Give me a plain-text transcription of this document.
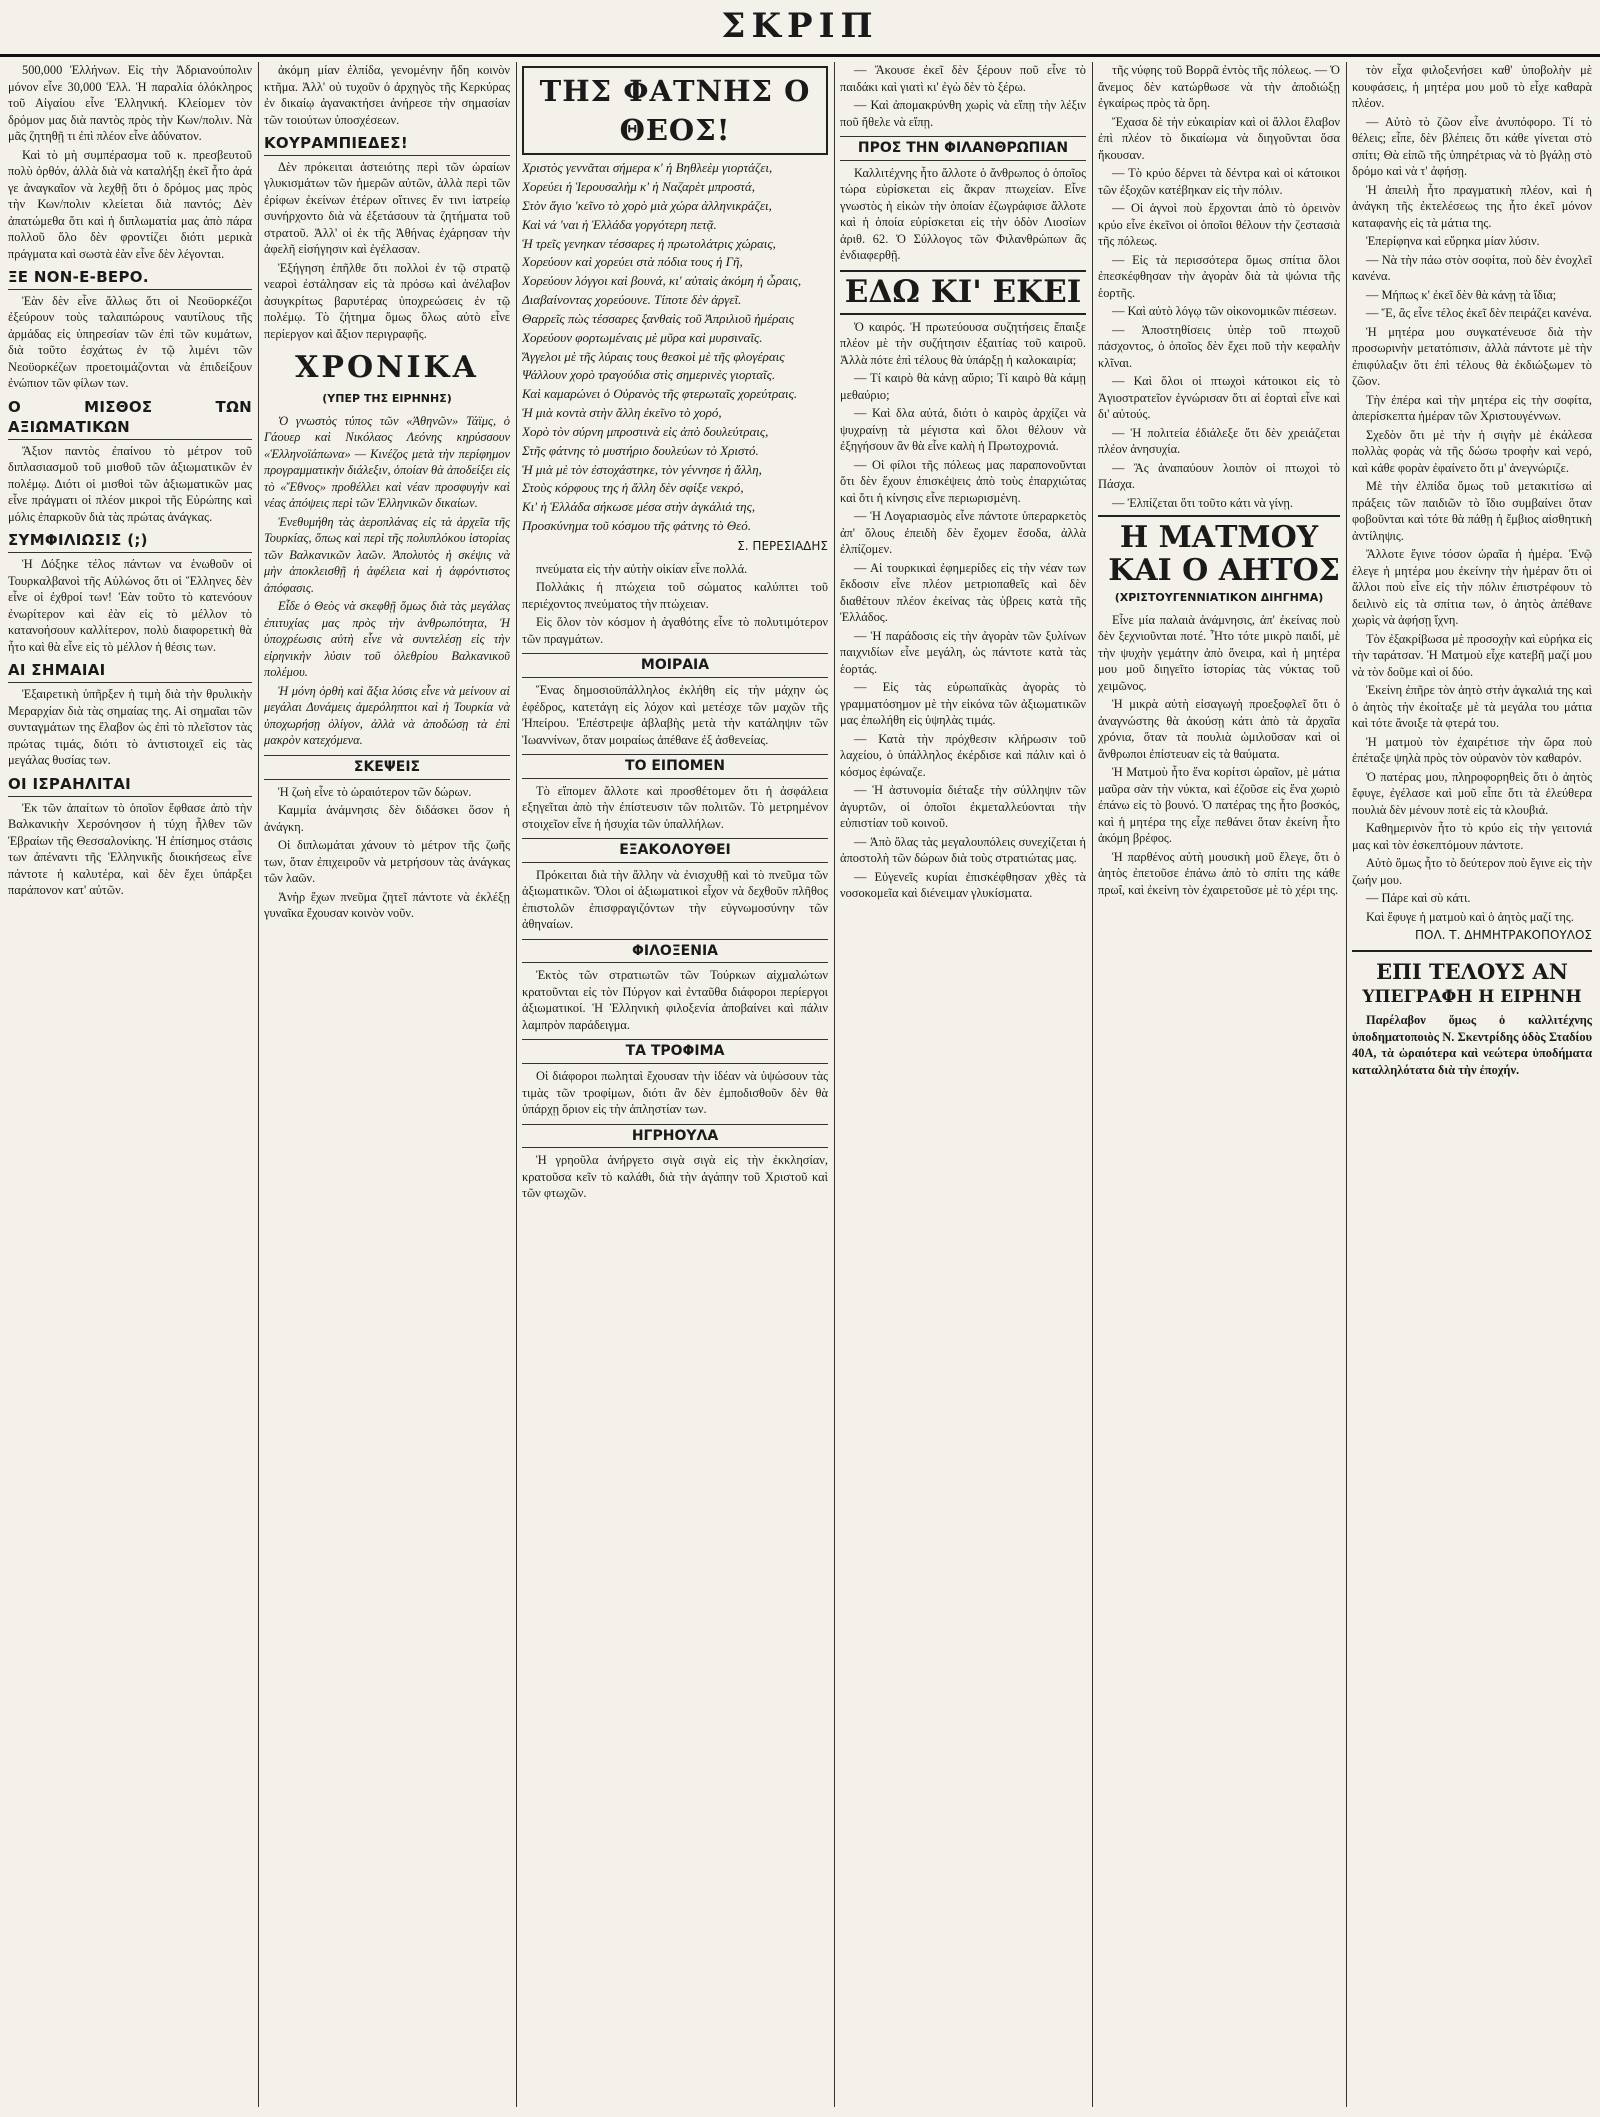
ΣΚΡΙΠ

500,000 Ἑλλήνων. Εἰς τὴν Ἀδριανούπολιν μόνον εἶνε 30,000 Ἑλλ. Ἡ παραλία ὁλόκληρος τοῦ Αἰγαίου εἶνε Ἑλληνική. Κλείομεν τὸν δρόμον μας διὰ παντὸς πρὸς τὴν Κων/πολιν. Νὰ μᾶς ζητηθῇ τι ἐπὶ πλέον εἶνε ἀδύνατον.

Καὶ τὸ μὴ συμπέρασμα τοῦ κ. πρεσβευτοῦ πολὺ ὀρθόν, ἀλλὰ διὰ νὰ καταλήξῃ ἐκεῖ ἦτο ἀρά γε ἀναγκαῖον νὰ λεχθῇ ὅτι ὁ δρόμος μας πρὸς τὴν Κων/πολιν κλείεται διὰ παντός; Δὲν ἀπατώμεθα ὅτι καὶ ἡ διπλωματία μας ἀπὸ πάρα πολλοῦ ὅλο δὲν φροντίζει διότι μερικὰ πράγματα καὶ σωστὰ ἐὰν εἶνε δὲν λέγονται.

ΞΕ ΝΟΝ-Ε-ΒΕΡΟ.

Ἐὰν δὲν εἶνε ἄλλως ὅτι οἱ Νεοϋορκέζοι ἐξεύρουν τοὺς ταλαιπώρους ναυτίλους τῆς ἀρμάδας εἰς ὑπηρεσίαν τῶν ἐπὶ τῶν κυμάτων, διὰ τοῦτο ἐσχάτως ἐν τῷ λιμένι τῶν Νεοϋορκέζων προετοιμάζονται νὰ ἐπιδείξουν ἐνώπιον τῶν φίλων των.

Ο ΜΙΣΘΟΣ ΤΩΝ ΑΞΙΩΜΑΤΙΚΩΝ

Ἄξιον παντὸς ἐπαίνου τὸ μέτρον τοῦ διπλασιασμοῦ τοῦ μισθοῦ τῶν ἀξιωματικῶν ἐν πολέμῳ. Διότι οἱ μισθοὶ τῶν ἀξιωματικῶν μας εἶνε πράγματι οἱ πλέον μικροὶ τῆς Εὐρώπης καὶ μόλις ἐπαρκοῦν διὰ τὰς πρώτας ἀνάγκας.

ΣΥΜΦΙΛΙΩΣΙΣ (;)

Ἡ Δόξηκε τέλος πάντων να ἑνωθοῦν οἱ Τουρκαλβανοὶ τῆς Αὐλώνος ὅτι οἱ Ἕλληνες δὲν εἶνε οἱ ἐχθροί των! Ἐὰν τοῦτο τὸ κατενόουν ἐνωρίτερον καὶ ἐὰν εἰς τὸ μέλλον τὸ κατανοήσουν καλλίτερον, πολὺ διαφορετικὴ θὰ ἦτο καὶ θὰ εἶνε εἰς τὸ μέλλον ἡ θέσις των.

ΑΙ ΣΗΜΑΙΑΙ

Ἐξαιρετικὴ ὑπῆρξεν ἡ τιμὴ διὰ τὴν θρυλικὴν Μεραρχίαν διὰ τὰς σημαίας της. Αἱ σημαῖαι τῶν συνταγμάτων της ἔλαβον ὡς ἐπὶ τὸ πλεῖστον τὰς πρώτας τιμάς, διότι τὸ ἀντιστοιχεῖ εἰς τὰς μεγάλας θυσίας των.

ΟΙ ΙΣΡΑΗΛΙΤΑΙ

Ἐκ τῶν ἀπαίτων τὸ ὁποῖον ἔφθασε ἀπὸ τὴν Βαλκανικὴν Χερσόνησον ἡ τύχη ἦλθεν τῶν Ἑβραίων τῆς Θεσσαλονίκης. Ἡ ἐπίσημος στάσις των ἀπέναντι τῆς Ἑλληνικῆς διοικήσεως εἶνε πάντοτε ἡ καλυτέρα, καὶ δὲν ἔχει ὑπάρξει παράπονον κατ' αὐτῶν.

ἀκόμη μίαν ἐλπίδα, γενομένην ἤδη κοινὸν κτῆμα. Ἀλλ' οὐ τυχοῦν ὁ ἀρχηγὸς τῆς Κερκύρας ἐν δικαίῳ ἀγανακτήσει ἀνήρεσε τὴν σημασίαν τῶν τοιούτων ὑποσχέσεων.

ΚΟΥΡΑΜΠΙΕΔΕΣ!

Δὲν πρόκειται ἀστειότης περὶ τῶν ὡραίων γλυκισμάτων τῶν ἡμερῶν αὐτῶν, ἀλλὰ περὶ τῶν ἐρίφων ἐκείνων ἐτέρων οἵτινες ἔν τινι ἰατρείῳ συνήρχοντο διὰ νὰ ἐξετάσουν τὰ ζητήματα τοῦ στρατοῦ. Ἀλλ' οἱ ἐκ τῆς Ἀθήνας ἐχάρησαν τὴν ἀφελῆ εἰσήγησιν καὶ ἐγέλασαν.

Ἐξήγηση ἐπῆλθε ὅτι πολλοὶ ἐν τῷ στρατῷ νεαροὶ ἐστάλησαν εἰς τὰ πρόσω καὶ ἀνέλαβον ἀσυγκρίτως βαρυτέρας ὑποχρεώσεις ἐν τῷ πολέμῳ. Τὸ ζήτημα ὅμως ὅλως αὐτὸ εἶνε περίεργον καὶ ἄξιον περιγραφῆς.

ΧΡΟΝΙΚΑ
(ΥΠΕΡ ΤΗΣ ΕΙΡΗΝΗΣ)

Ὁ γνωστὸς τύπος τῶν «Ἀθηνῶν» Τάϊμς, ὁ Γάουερ καὶ Νικόλαος Λεόνης κηρύσσουν «Ἑλληνοϊάπωνα» — Κινέζος μετὰ τὴν περίφημον προγραμματικὴν διάλεξιν, ὁποίαν θὰ ἀποδείξει εἰς τὸ «Ἔθνος» προθέλλει καὶ νέαν προσφυγὴν καὶ νέας ἀπόψεις περὶ τῶν Ἑλληνικῶν δικαίων.

Ἐνεθυμήθη τὰς ἀεροπλάνας εἰς τὰ ἀρχεῖα τῆς Τουρκίας, ὅπως καὶ περὶ τῆς πολυπλόκου ἱστορίας τῶν Βαλκανικῶν λαῶν. Ἀπολυτὸς ἡ σκέψις νὰ μὴν ἀποκλεισθῇ ἡ ἀφέλεια καὶ ἡ ἀφρόντιστος ἀπόφασις.

Εἶδε ὁ Θεὸς νὰ σκεφθῇ ὅμως διὰ τὰς μεγάλας ἐπιτυχίας μας πρὸς τὴν ἀνθρωπότητα, Ἡ ὑποχρέωσις αὐτὴ εἶνε νὰ συντελέσῃ εἰς τὴν εἰρηνικὴν λύσιν τοῦ ὀλεθρίου Βαλκανικοῦ πολέμου.

Ἡ μόνη ὀρθὴ καὶ ἄξια λύσις εἶνε νὰ μείνουν αἱ μεγάλαι Δυνάμεις ἀμερόληπτοι καὶ ἡ Τουρκία νὰ ὑποχωρήσῃ ὀλίγον, ἀλλὰ νὰ ἀποδώσῃ τὰ ἐπὶ μακρὸν κατεχόμενα.

ΣΚΕΨΕΙΣ

Ἡ ζωὴ εἶνε τὸ ὡραιότερον τῶν δώρων.

Καμμία ἀνάμνησις δὲν διδάσκει ὅσον ἡ ἀνάγκη.

Οἱ διπλωμάται χάνουν τὸ μέτρον τῆς ζωῆς των, ὅταν ἐπιχειροῦν νὰ μετρήσουν τὰς ἀνάγκας τῶν λαῶν.

Ἀνὴρ ἔχων πνεῦμα ζητεῖ πάντοτε νὰ ἐκλέξῃ γυναῖκα ἔχουσαν κοινὸν νοῦν.

ΤΗΣ ΦΑΤΝΗΣ Ο ΘΕΟΣ!

Χριστὸς γεννᾶται σήμερα κ' ἡ Βηθλεὲμ γιορτάζει,

Χορεύει ἡ Ἱερουσαλὴμ κ' ἡ Ναζαρὲτ μπροστά,

Στὸν ἅγιο 'κεῖνο τὸ χορὸ μιὰ χώρα ἀλληνικράζει,

Καὶ νά 'ναι ἡ Ἑλλάδα γοργότερη πετᾷ.

Ἡ τρεῖς γενηκαν τέσσαρες ἡ πρωτολάτρις χώραις,

Χορεύουν καὶ χορεύει στὰ πόδια τους ἡ Γῆ,

Χορεύουν λόγγοι καὶ βουνά, κι' αὐταὶς ἀκόμη ἡ ὧραις,

Διαβαίνοντας χορεύουνε. Τίποτε δὲν ἀργεῖ.

Θαρρεῖς πὼς τέσσαρες ξανθαὶς τοῦ Ἀπριλιοῦ ἡμέραις

Χορεύουν φορτωμέναις μὲ μῦρα καὶ μυρσιναῖς.

Ἄγγελοι μὲ τῆς λύραις τους θεσκοὶ μὲ τῆς φλογέραις

Ψάλλουν χορὸ τραγούδια στὶς σημερινὲς γιορταῖς.

Καὶ καμαρώνει ὁ Οὐρανὸς τῆς φτερωταῖς χορεύτραις.

Ἡ μιὰ κοντὰ στὴν ἄλλη ἐκεῖνο τὸ χορό,

Χορὸ τὸν σύρνη μπροστινὰ εἰς ἀπὸ δουλεύτραις,

Στῆς φάτνης τὸ μυστήριο δουλεύων τὸ Χριστό.

Ἡ μιὰ μὲ τὸν ἐστοχάστηκε, τὸν γέννησε ἡ ἄλλη,

Στοὺς κόρφους της ἡ ἄλλη δὲν σφίξε νεκρό,

Κι' ἡ Ἑλλάδα σήκωσε μέσα στὴν ἀγκάλιά της,

Προσκύνημα τοῦ κόσμου τῆς φάτνης τὸ Θεό.

Σ. ΠΕΡΕΣΙΑΔΗΣ

πνεύματα εἰς τὴν αὐτὴν οἰκίαν εἶνε πολλά.

Πολλάκις ἡ πτώχεια τοῦ σώματος καλύπτει τοῦ περιέχοντος πνεύματος τὴν πτώχειαν.

Εἰς ὅλον τὸν κόσμον ἡ ἀγαθότης εἶνε τὸ πολυτιμότερον τῶν πραγμάτων.

ΜΟΙΡΑΙΑ

Ἕνας δημοσιοϋπάλληλος ἐκλήθη εἰς τὴν μάχην ὡς ἐφέδρος, κατετάγη εἰς λόχον καὶ μετέσχε τῶν μαχῶν τῆς Ἠπείρου. Ἐπέστρεψε ἀβλαβὴς μετὰ τὴν κατάληψιν τῶν Ἰωαννίνων, ὅταν μοιραίως ἀπέθανε ἐξ ἀσθενείας.

ΤΟ ΕΙΠΟΜΕΝ

Τὸ εἴπομεν ἄλλοτε καὶ προσθέτομεν ὅτι ἡ ἀσφάλεια εξηγεῖται ἀπὸ τὴν ἐπίστευσιν τῶν πολιτῶν. Τὸ μετρημένον στοιχεῖον εἶνε ἡ ἡσυχία τῶν ὑπαλλήλων.

ΕΞΑΚΟΛΟΥΘΕΙ

Πρόκειται διὰ τὴν ἄλλην νὰ ἐνισχυθῇ καὶ τὸ πνεῦμα τῶν ἀξιωματικῶν. Ὅλοι οἱ ἀξιωματικοὶ εἶχον νὰ δεχθοῦν πλῆθος ἐπιστολῶν ἐπισφραγιζόντων τὴν εὐγνωμοσύνην τῶν ἀθηναίων.

ΦΙΛΟΞΕΝΙΑ

Ἐκτὸς τῶν στρατιωτῶν τῶν Τούρκων αἰχμαλώτων κρατοῦνται εἰς τὸν Πύργον καὶ ἐνταῦθα διάφοροι περίεργοι ἀξιωματικοί. Ἡ Ἑλληνικὴ φιλοξενία ἀποβαίνει καὶ πάλιν λαμπρὸν παράδειγμα.

ΤΑ ΤΡΟΦΙΜΑ

Οἱ διάφοροι πωληταὶ ἔχουσαν τὴν ἰδέαν νὰ ὑψώσουν τὰς τιμὰς τῶν τροφίμων, διότι ἂν δὲν ἐμποδισθοῦν δὲν θὰ ὑπάρχῃ ὅριον εἰς τὴν ἀπληστίαν των.

ΗΓΡΗΟΥΛΑ

Ἡ γρηοῦλα ἀνήργετο σιγὰ σιγὰ εἰς τὴν ἐκκλησίαν, κρατοῦσα κεῖν τὸ καλάθι, διὰ τὴν ἀγάπην τοῦ Χριστοῦ καὶ τῶν φτωχῶν.

— Ἄκουσε ἐκεῖ δὲν ξέρουν ποῦ εἶνε τὸ παιδάκι καὶ γιατὶ κι' ἐγὼ δὲν τὸ ξέρω.

— Καὶ ἀπομακρύνθη χωρὶς νὰ εἴπῃ τὴν λέξιν ποῦ ἤθελε νὰ εἴπῃ.

ΠΡΟΣ ΤΗΝ ΦΙΛΑΝΘΡΩΠΙΑΝ

Καλλιτέχνης ἦτο ἄλλοτε ὁ ἄνθρωπος ὁ ὁποῖος τώρα εὑρίσκεται εἰς ἄκραν πτωχείαν. Εἶνε γνωστὸς ἡ εἰκὼν τὴν ὁποίαν ἐζωγράφισε ἄλλοτε καὶ ἡ ὁποία εὑρίσκεται εἰς τὴν ὁδὸν Λιοσίων ἀριθ. 62. Ὁ Σύλλογος τῶν Φιλανθρώπων ἂς ἐνδιαφερθῇ.

ΕΔΩ ΚΙ' ΕΚΕΙ

Ὁ καιρός. Ἡ πρωτεύουσα συζητήσεις ἔπαιξε πλέον μὲ τὴν συζήτησιν ἐξαιτίας τοῦ καιροῦ. Ἀλλὰ πότε ἐπὶ τέλους θὰ ὑπάρξῃ ἡ καλοκαιρία;

— Τί καιρὸ θὰ κάνῃ αὔριο; Τί καιρὸ θὰ κάμῃ μεθαύριο;

— Καὶ δλα αὐτά, διότι ὁ καιρὸς ἀρχίζει νὰ ψυχραίνῃ τὰ μέγιστα καὶ ὅλοι θέλουν νὰ ἐξηγήσουν ἂν θὰ εἶνε καλὴ ἡ Πρωτοχρονιά.

— Οἱ φίλοι τῆς πόλεως μας παραπονοῦνται ὅτι δὲν ἔχουν ἐπισκέψεις ἀπὸ τοὺς ἐπαρχιώτας καὶ ὅτι ἡ κίνησις εἶνε περιωρισμένη.

— Ἡ Λογαριασμὸς εἶνε πάντοτε ὑπεραρκετὸς ἀπ' ὅλους ἐπειδὴ δὲν ἔχομεν ἔσοδα, ἀλλὰ ἐλπίζομεν.

— Αἱ τουρκικαὶ ἐφημερίδες εἰς τὴν νέαν των ἔκδοσιν εἶνε πλέον μετριοπαθεῖς καὶ δὲν διαθέτουν πλέον ἐκείνας τὰς ὑβρεις κατὰ τῆς Ἑλλάδος.

— Ἡ παράδοσις εἰς τὴν ἀγορὰν τῶν ξυλίνων παιχνιδίων εἶνε μεγάλη, ὡς πάντοτε κατὰ τὰς ἑορτάς.

— Εἰς τὰς εὐρωπαϊκὰς ἀγορὰς τὸ γραμματόσημον μὲ τὴν εἰκόνα τῶν ἀξιωματικῶν μας ἐπωλήθη εἰς ὑψηλὰς τιμάς.

— Κατὰ τὴν πρόχθεσιν κλήρωσιν τοῦ λαχείου, ὁ ὑπάλληλος ἐκέρδισε καὶ πάλιν καὶ ὁ κόσμος ἐφώναζε.

— Ἡ ἀστυνομία διέταξε τὴν σύλληψιν τῶν ἀγυρτῶν, οἱ ὁποῖοι ἐκμεταλλεύονται τὴν εὐπιστίαν τοῦ κοινοῦ.

— Ἀπὸ ὅλας τὰς μεγαλουπόλεις συνεχίζεται ἡ ἀποστολὴ τῶν δώρων διὰ τοὺς στρατιώτας μας.

— Εὐγενεῖς κυρίαι ἐπισκέφθησαν χθὲς τὰ νοσοκομεῖα καὶ διένειμαν γλυκίσματα.

τῆς νύφης τοῦ Βορρᾶ ἐντὸς τῆς πόλεως. — Ὁ ἄνεμος δὲν κατώρθωσε νὰ τὴν ἀποδιώξῃ ἐγκαίρως πρὸς τὰ ὄρη.

Ἔχασα δὲ τὴν εὐκαιρίαν καὶ οἱ ἄλλοι ἔλαβον ἐπὶ πλέον τὸ δικαίωμα νὰ διηγοῦνται ὅσα ἤκουσαν.

— Τὸ κρύο δέρνει τὰ δέντρα καὶ οἱ κάτοικοι τῶν ἐξοχῶν κατέβηκαν εἰς τὴν πόλιν.

— Οἱ ἁγνοὶ ποὺ ἔρχονται ἀπὸ τὸ ὀρεινὸν κρύο εἶνε ἐκεῖνοι οἱ ὁποῖοι θέλουν τὴν ζεστασιὰ τῆς πόλεως.

— Εἰς τὰ περισσότερα ὅμως σπίτια ὅλοι ἐπεσκέφθησαν τὴν ἀγορὰν διὰ τὰ ψώνια τῆς ἑορτῆς.

— Καὶ αὐτὸ λόγῳ τῶν οἰκονομικῶν πιέσεων.

— Ἀποστηθίσεις ὑπὲρ τοῦ πτωχοῦ πάσχοντος, ὁ ὁποῖος δὲν ἔχει ποῦ τὴν κεφαλὴν κλῖναι.

— Καὶ ὅλοι οἱ πτωχοὶ κάτοικοι εἰς τὸ Ἀγιοστρατεῖον ἐγνώρισαν ὅτι αἱ ἑορταὶ εἶνε καὶ δι' αὐτούς.

— Ἡ πολιτεία ἐδιάλεξε ὅτι δὲν χρειάζεται πλέον ἀνησυχία.

— Ἂς ἀναπαύουν λοιπὸν οἱ πτωχοὶ τὸ Πάσχα.

— Ἐλπίζεται ὅτι τοῦτο κάτι νὰ γίνῃ.

Η ΜΑΤΜΟΥ
ΚΑΙ Ο ΑΗΤΟΣ
(ΧΡΙΣΤΟΥΓΕΝΝΙΑΤΙΚΟΝ ΔΙΗΓΗΜΑ)

Εἶνε μία παλαιὰ ἀνάμνησις, ἀπ' ἐκείνας ποὺ δὲν ξεχνιοῦνται ποτέ. Ἦτο τότε μικρὸ παιδί, μὲ τὴν ψυχὴν γεμάτην ἀπὸ ὄνειρα, καὶ ἡ μητέρα μου μοῦ διηγεῖτο ἱστορίας τὰς νύκτας τοῦ χειμῶνος.

Ἡ μικρὰ αὐτὴ εἰσαγωγὴ προεξοφλεῖ ὅτι ὁ ἀναγνώστης θὰ ἀκούσῃ κάτι ἀπὸ τὰ ἀρχαῖα χρόνια, ὅταν τὰ πουλιὰ ὡμιλοῦσαν καὶ οἱ ἄνθρωποι ἐπίστευαν εἰς τὰ θαύματα.

Ἡ Ματμοὺ ἦτο ἕνα κορίτσι ὡραῖον, μὲ μάτια μαῦρα σὰν τὴν νύκτα, καὶ ἐζοῦσε εἰς ἕνα χωριὸ ἐπάνω εἰς τὸ βουνό. Ὁ πατέρας της ἦτο βοσκός, καὶ ἡ μητέρα της εἶχε πεθάνει ὅταν ἐκείνη ἦτο ἀκόμη βρέφος.

Ἡ παρθένος αὐτὴ μουσικὴ μοῦ ἔλεγε, ὅτι ὁ ἀητὸς ἐπετοῦσε ἐπάνω ἀπὸ τὸ σπίτι της κάθε πρωΐ, καὶ ἐκείνη τὸν ἐχαιρετοῦσε μὲ τὸ χέρι της.

τὸν εἶχα φιλοξενήσει καθ' ὑποβολὴν μὲ κουφάσεις, ἡ μητέρα μου μοῦ τὸ εἶχε καθαρὰ πλέον.

— Αὐτὸ τὸ ζῶον εἶνε ἀνυπόφορο. Τί τὸ θέλεις; εἶπε, δὲν βλέπεις ὅτι κάθε γίνεται στὸ σπίτι; Θὰ εἰπῶ τῆς ὑπηρέτριας νὰ τὸ βγάλῃ στὸ δρόμο καὶ νὰ τ' ἀφήσῃ.

Ἡ ἀπειλὴ ἦτο πραγματικὴ πλέον, καὶ ἡ ἀνάγκη τῆς ἐκτελέσεως της ἦτο ἐκεῖ μόνον καταφανὴς εἰς τὰ μάτια της.

Ἐπερίφηνα καὶ εὕρηκα μίαν λύσιν.

— Νὰ τὴν πάω στὸν σοφίτα, ποὺ δὲν ἐνοχλεῖ κανένα.

— Μήπως κ' ἐκεῖ δὲν θὰ κάνῃ τὰ ἴδια;

— Ἔ, ἂς εἶνε τέλος ἐκεῖ δὲν πειράζει κανένα.

Ἡ μητέρα μου συγκατένευσε διὰ τὴν προσωρινὴν μετατόπισιν, ἀλλὰ πάντοτε μὲ τὴν ἐπιφύλαξιν ὅτι ἐπὶ τέλους θὰ ἐκδιώξωμεν τὸ ζῶον.

Τὴν ἐπέρα καὶ τὴν μητέρα εἰς τὴν σοφίτα, ἀπερίσκεπτα ἡμέραν τῶν Χριστουγέννων.

Σχεδὸν ὅτι μὲ τὴν ἡ σιγὴν μὲ ἐκάλεσα πολλὰς φορὰς νὰ τῆς δώσω τροφὴν καὶ νερό, καὶ κάθε φορὰν ἐφαίνετο ὅτι μ' ἀνεγνώριζε.

Μὲ τὴν ἐλπίδα ὅμως τοῦ μετακιτίσω αἱ πράξεις τῶν παιδιῶν τὸ ἴδιο συμβαίνει ὅταν φοβοῦνται καὶ τότε θὰ πάθῃ ἡ ἔμβιος αἰσθητικὴ ἀντίληψις.

Ἄλλοτε ἔγινε τόσον ὡραῖα ἡ ἡμέρα. Ἐνῷ ἐλεγε ἡ μητέρα μου ἐκείνην τὴν ἡμέραν ὅτι οἱ ἄλλοι ποὺ εἶνε εἰς τὴν πόλιν ἐπιστρέφουν τὸ δειλινὸ εἰς τὰ σπίτια των, ὁ ἀητὸς ἀπέθανε χωρὶς νὰ ἀφήσῃ ἴχνη.

Τὸν ἐξακρίβωσα μὲ προσοχὴν καὶ εὐρήκα εἰς τὴν ταράτσαν. Ἡ Ματμοὺ εἶχε κατεβῆ μαζί μου νὰ τὸν δοῦμε καὶ οἱ δύο.

Ἐκείνη ἐπῆρε τὸν ἀητὸ στὴν ἀγκαλιά της καὶ ὁ ἀητὸς τὴν ἐκοίταξε μὲ τὰ μεγάλα του μάτια καὶ τότε ἄνοιξε τὰ φτερά του.

Ἡ ματμοὺ τὸν ἐχαιρέτισε τὴν ὥρα ποὺ ἐπέταξε ψηλὰ πρὸς τὸν οὐρανὸν τὸν καθαρόν.

Ὁ πατέρας μου, πληροφορηθεὶς ὅτι ὁ ἀητὸς ἔφυγε, ἐγέλασε καὶ μοῦ εἶπε ὅτι τὰ ἐλεύθερα πουλιὰ δὲν μένουν ποτὲ εἰς τὰ κλουβιά.

Καθημερινὸν ἦτο τὸ κρύο εἰς τὴν γειτονιά μας καὶ τὸν ἐσκεπτόμουν πάντοτε.

Αὐτὸ ὅμως ἦτο τὸ δεύτερον ποὺ ἔγινε εἰς τὴν ζωήν μου.

— Πάρε καὶ σὺ κάτι.

Καὶ ἔφυγε ἡ ματμοὺ καὶ ὁ ἀητὸς μαζί της.

ΠΟΛ. Τ. ΔΗΜΗΤΡΑΚΟΠΟΥΛΟΣ
ΕΠΙ ΤΕΛΟΥΣ ΑΝ
ΥΠΕΓΡΑΦΗ Η ΕΙΡΗΝΗ

Παρέλαβον ὅμως ὁ καλλιτέχνης ὑποδηματοποιὸς Ν. Σκεντρίδης ὁδὸς Σταδίου 40Α, τὰ ὡραιότερα καὶ νεώτερα ὑποδήματα καταλληλότατα διὰ τὴν ἐποχήν.
